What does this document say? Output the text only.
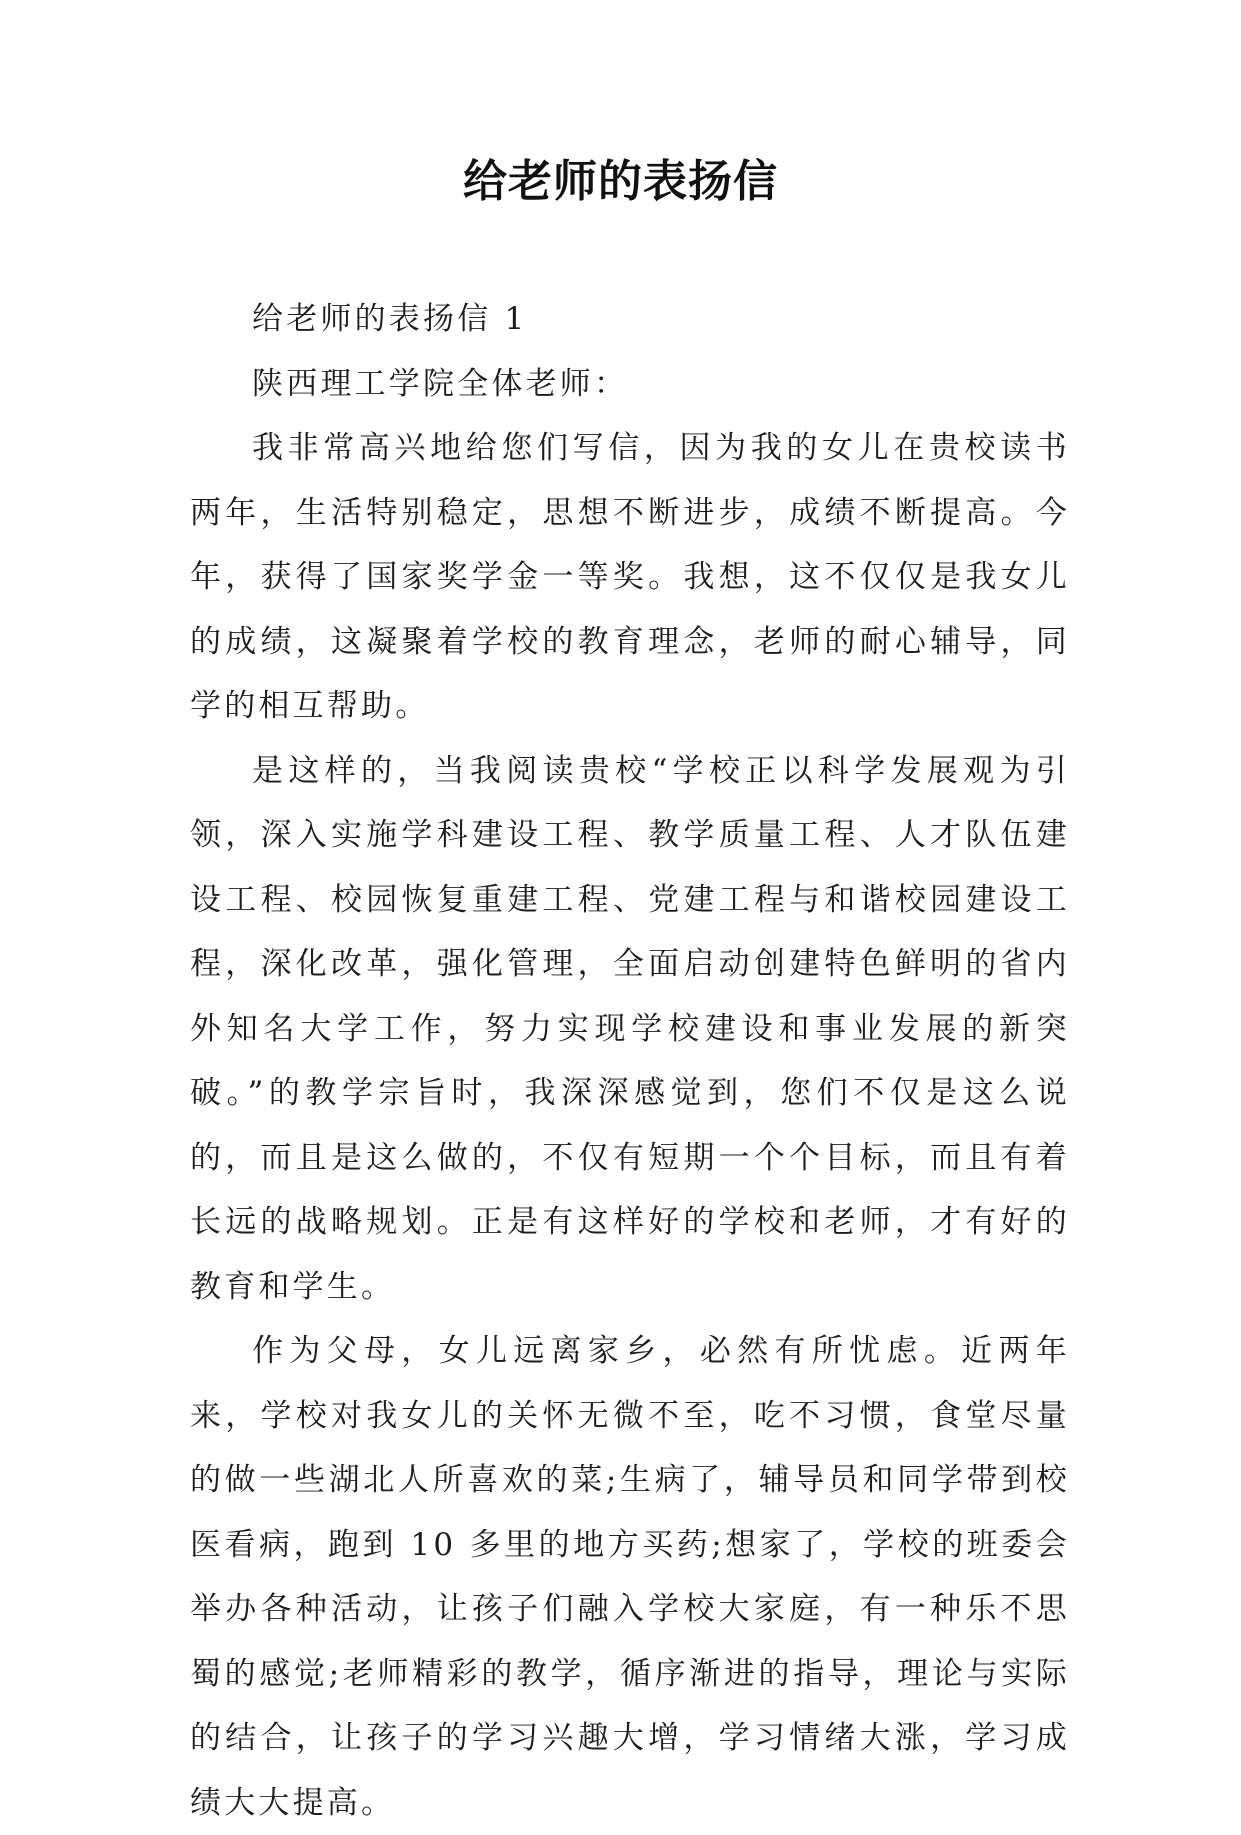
给老师的表扬信

给老师的表扬信 1

陕西理工学院全体老师：

我非常高兴地给您们写信，因为我的女儿在贵校读书两年，生活特别稳定，思想不断进步，成绩不断提高。今年，获得了国家奖学金一等奖。我想，这不仅仅是我女儿的成绩，这凝聚着学校的教育理念，老师的耐心辅导，同学的相互帮助。

是这样的，当我阅读贵校“学校正以科学发展观为引领，深入实施学科建设工程、教学质量工程、人才队伍建设工程、校园恢复重建工程、党建工程与和谐校园建设工程，深化改革，强化管理，全面启动创建特色鲜明的省内外知名大学工作，努力实现学校建设和事业发展的新突破。”的教学宗旨时，我深深感觉到，您们不仅是这么说的，而且是这么做的，不仅有短期一个个目标，而且有着长远的战略规划。正是有这样好的学校和老师，才有好的教育和学生。

作为父母，女儿远离家乡，必然有所忧虑。近两年来，学校对我女儿的关怀无微不至，吃不习惯，食堂尽量的做一些湖北人所喜欢的菜;生病了，辅导员和同学带到校医看病，跑到 10 多里的地方买药;想家了，学校的班委会举办各种活动，让孩子们融入学校大家庭，有一种乐不思蜀的感觉;老师精彩的教学，循序渐进的指导，理论与实际的结合，让孩子的学习兴趣大增，学习情绪大涨，学习成绩大大提高。
